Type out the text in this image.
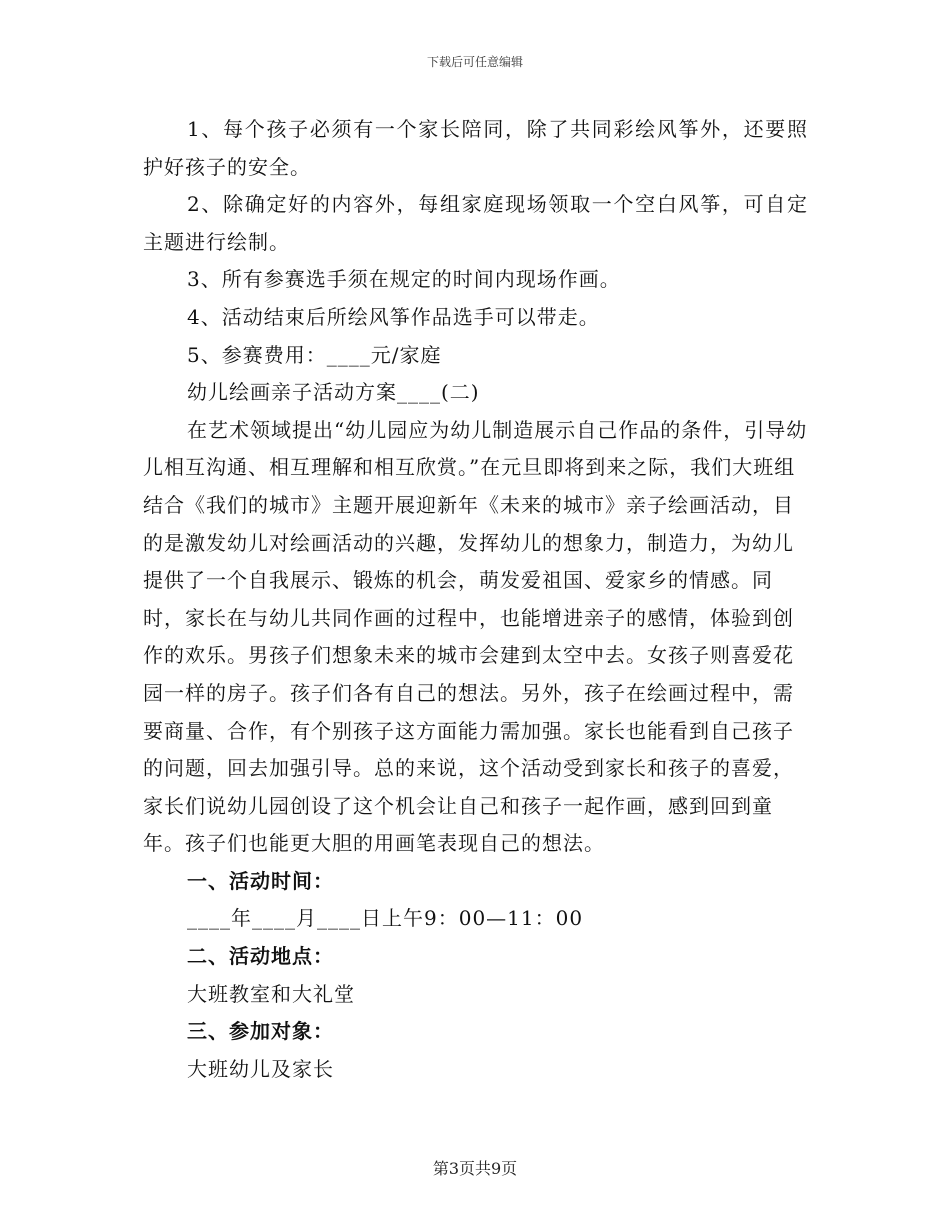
下载后可任意编辑

1、每个孩子必须有一个家长陪同，除了共同彩绘风筝外，还要照护好孩子的安全。

2、除确定好的内容外，每组家庭现场领取一个空白风筝，可自定主题进行绘制。

3、所有参赛选手须在规定的时间内现场作画。

4、活动结束后所绘风筝作品选手可以带走。

5、参赛费用：____元/家庭

幼儿绘画亲子活动方案____(二)

在艺术领域提出“幼儿园应为幼儿制造展示自己作品的条件，引导幼儿相互沟通、相互理解和相互欣赏。”在元旦即将到来之际，我们大班组结合《我们的城市》主题开展迎新年《未来的城市》亲子绘画活动，目的是激发幼儿对绘画活动的兴趣，发挥幼儿的想象力，制造力，为幼儿提供了一个自我展示、锻炼的机会，萌发爱祖国、爱家乡的情感。同时，家长在与幼儿共同作画的过程中，也能增进亲子的感情，体验到创作的欢乐。男孩子们想象未来的城市会建到太空中去。女孩子则喜爱花园一样的房子。孩子们各有自己的想法。另外，孩子在绘画过程中，需要商量、合作，有个别孩子这方面能力需加强。家长也能看到自己孩子的问题，回去加强引导。总的来说，这个活动受到家长和孩子的喜爱，家长们说幼儿园创设了这个机会让自己和孩子一起作画，感到回到童年。孩子们也能更大胆的用画笔表现自己的想法。

一、活动时间：

____年____月____日上午9：00—11：00

二、活动地点：

大班教室和大礼堂

三、参加对象：

大班幼儿及家长

第3页共9页
